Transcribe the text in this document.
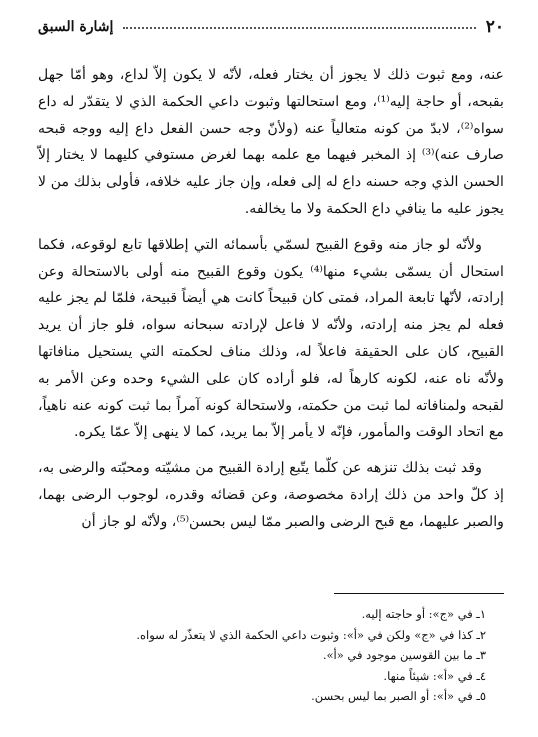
٢٠
إشارة السبق

عنه، ومع ثبوت ذلك لا يجوز أن يختار فعله، لأنّه لا يكون إلاّ لداع، وهو أمّا جهل بقبحه، أو حاجة إليه⁽¹⁾، ومع استحالتها وثبوت داعي الحكمة الذي لا يتقدّر له داع سواه⁽²⁾، لابدّ من كونه متعالياً عنه (ولأنّ وجه حسن الفعل داع إليه ووجه قبحه صارف عنه)⁽³⁾ إذ المخبر فيهما مع علمه بهما لغرض مستوفي كليهما لا يختار إلاّ الحسن الذي وجه حسنه داع له إلى فعله، وإن جاز عليه خلافه، فأولى بذلك من لا يجوز عليه ما ينافي داع الحكمة ولا ما يخالفه.

ولأنّه لو جاز منه وقوع القبيح لسمّي بأسمائه التي إطلاقها تابع لوقوعه، فكما استحال أن يسمّى بشيء منها⁽⁴⁾ يكون وقوع القبيح منه أولى بالاستحالة وعن إرادته، لأنّها تابعة المراد، فمتى كان قبيحاً كانت هي أيضاً قبيحة، فلمّا لم يجز عليه فعله لم يجز منه إرادته، ولأنّه لا فاعل لإرادته سبحانه سواه، فلو جاز أن يريد القبيح، كان على الحقيقة فاعلاً له، وذلك مناف لحكمته التي يستحيل منافاتها ولأنّه ناه عنه، لكونه كارهاً له، فلو أراده كان على الشيء وحده وعن الأمر به لقبحه ولمنافاته لما ثبت من حكمته، ولاستحالة كونه آمراً بما ثبت كونه عنه ناهياً، مع اتحاد الوقت والمأمور، فإنّه لا يأمر إلاّ بما يريد، كما لا ينهى إلاّ عمّا يكره.

وقد ثبت بذلك تنزهه عن كلّما يتّبع إرادة القبيح من مشيّته ومحبّته والرضى به، إذ كلّ واحد من ذلك إرادة مخصوصة، وعن قضائه وقدره، لوجوب الرضى بهما، والصبر عليهما، مع قبح الرضى والصبر ممّا ليس بحسن⁽⁵⁾، ولأنّه لو جاز أن

١ـ في «ج»: أو حاجته إليه.
٢ـ كذا في «ج» ولكن في «أ»: وثبوت داعي الحكمة الذي لا يتعذّر له سواه.
٣ـ ما بين القوسين موجود في «أ».
٤ـ في «أ»: شيئاً منها.
٥ـ في «أ»: أو الصبر بما ليس بحسن.
